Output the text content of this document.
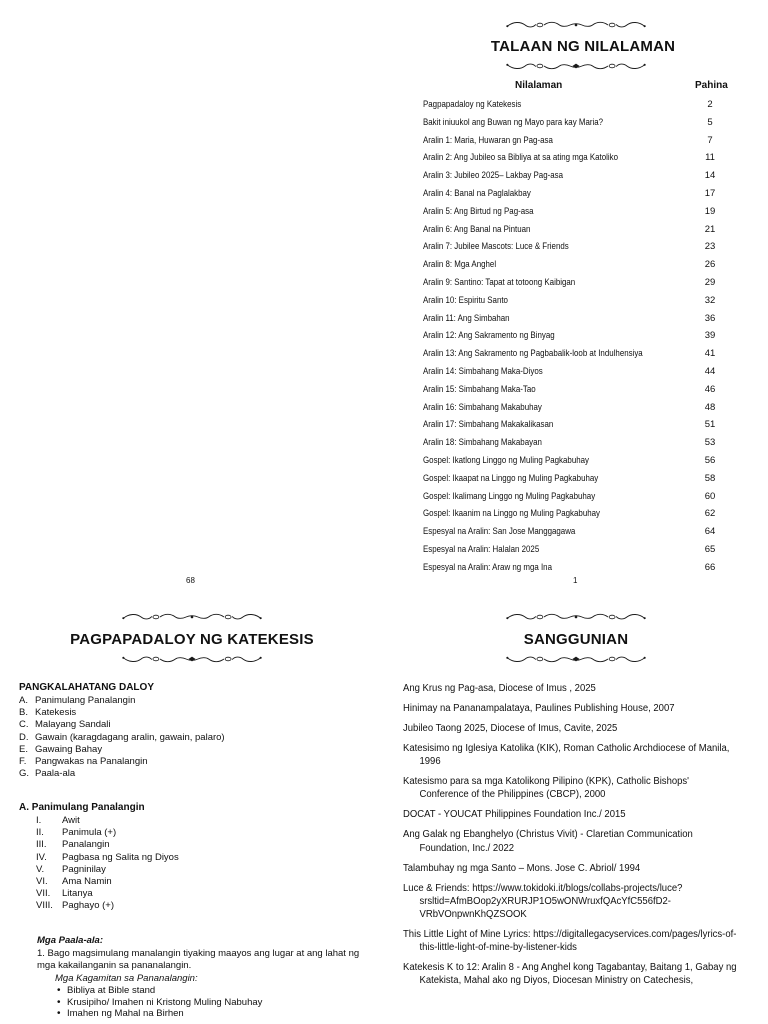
68
TALAAN NG NILALAMAN
Nilalaman	Pahina
Pagpapadaloy ng Katekesis	2
Bakit iniuukol ang Buwan ng Mayo para kay Maria?	5
Aralin 1: Maria, Huwaran gn Pag-asa	7
Aralin 2: Ang Jubileo sa Bibliya at sa ating mga Katoliko	11
Aralin 3: Jubileo 2025– Lakbay Pag-asa	14
Aralin 4: Banal na Paglalakbay	17
Aralin 5: Ang Birtud ng Pag-asa	19
Aralin 6: Ang Banal na Pintuan	21
Aralin 7: Jubilee Mascots: Luce & Friends	23
Aralin 8: Mga Anghel	26
Aralin 9: Santino: Tapat at totoong Kaibigan	29
Aralin 10: Espiritu Santo	32
Aralin 11: Ang Simbahan	36
Aralin 12: Ang Sakramento ng Binyag	39
Aralin 13: Ang Sakramento ng Pagbabalik-loob at Indulhensiya	41
Aralin 14: Simbahang Maka-Diyos	44
Aralin 15: Simbahang Maka-Tao	46
Aralin 16: Simbahang Makabuhay	48
Aralin 17: Simbahang Makakalikasan	51
Aralin 18: Simbahang Makabayan	53
Gospel: Ikatlong Linggo ng Muling Pagkabuhay	56
Gospel: Ikaapat na Linggo ng Muling Pagkabuhay	58
Gospel: Ikalimang Linggo ng Muling Pagkabuhay	60
Gospel: Ikaanim na Linggo ng Muling Pagkabuhay	62
Espesyal na Aralin: San Jose Manggagawa	64
Espesyal na Aralin: Halalan 2025	65
Espesyal na Aralin: Araw ng mga Ina	66
1
PAGPAPADALOY NG KATEKESIS
PANGKALAHATANG DALOY
A. Panimulang Panalangin
B. Katekesis
C. Malayang Sandali
D. Gawain (karagdagang aralin, gawain, palaro)
E. Gawaing Bahay
F. Pangwakas na Panalangin
G. Paala-ala
A. Panimulang Panalangin
I. Awit
II. Panimula (+)
III. Panalangin
IV. Pagbasa ng Salita ng Diyos
V. Pagninilay
VI. Ama Namin
VII. Litanya
VIII. Paghayo (+)
Mga Paala-ala:
1. Bago magsimulang manalangin tiyaking maayos ang lugar at ang lahat ng mga kakailanganin sa pananalangin.
Mga Kagamitan sa Pananalangin:
• Bibliya at Bible stand
• Krusipiho/ Imahen ni Kristong Muling Nabuhay
• Imahen ng Mahal na Birhen
SANGGUNIAN
Ang Krus ng Pag-asa, Diocese of Imus , 2025
Hinimay na Pananampalataya, Paulines Publishing House, 2007
Jubileo Taong 2025, Diocese of Imus, Cavite, 2025
Katesisimo ng Iglesiya Katolika (KIK), Roman Catholic Archdiocese of Manila, 1996
Katesismo para sa mga Katolikong Pilipino (KPK), Catholic Bishops' Conference of the Philippines (CBCP), 2000
DOCAT - YOUCAT Philippines Foundation Inc./ 2015
Ang Galak ng Ebanghelyo (Christus Vivit) - Claretian Communication Foundation, Inc./ 2022
Talambuhay ng mga Santo – Mons. Jose C. Abriol/ 1994
Luce & Friends: https://www.tokidoki.it/blogs/collabs-projects/luce?srsltid=AfmBOop2yXRURJP1O5wONWruxfQAcYfC556fD2-VRbVOnpwnKhQZSOOK
This Little Light of Mine Lyrics: https://digitallegacyservices.com/pages/lyrics-of-this-little-light-of-mine-by-listener-kids
Katekesis K to 12: Aralin 8 - Ang Anghel kong Tagabantay, Baitang 1, Gabay ng Katekista, Mahal ako ng Diyos, Diocesan Ministry on Catechesis,
